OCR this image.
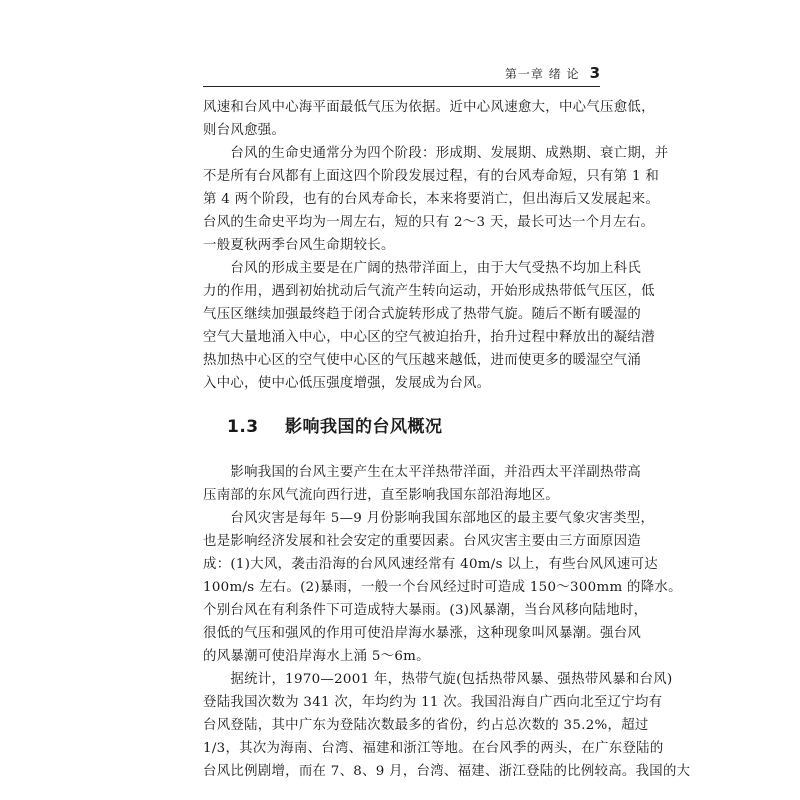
第一章 绪 论 3
风速和台风中心海平面最低气压为依据。近中心风速愈大，中心气压愈低，
则台风愈强。
　　台风的生命史通常分为四个阶段：形成期、发展期、成熟期、衰亡期，并
不是所有台风都有上面这四个阶段发展过程，有的台风寿命短，只有第 1 和
第 4 两个阶段，也有的台风寿命长，本来将要消亡，但出海后又发展起来。
台风的生命史平均为一周左右，短的只有 2～3 天，最长可达一个月左右。
一般夏秋两季台风生命期较长。
　　台风的形成主要是在广阔的热带洋面上，由于大气受热不均加上科氏
力的作用，遇到初始扰动后气流产生转向运动，开始形成热带低气压区，低
气压区继续加强最终趋于闭合式旋转形成了热带气旋。随后不断有暖湿的
空气大量地涌入中心，中心区的空气被迫抬升，抬升过程中释放出的凝结潜
热加热中心区的空气使中心区的气压越来越低，进而使更多的暖湿空气涌
入中心，使中心低压强度增强，发展成为台风。
1.3 影响我国的台风概况
　　影响我国的台风主要产生在太平洋热带洋面，并沿西太平洋副热带高
压南部的东风气流向西行进，直至影响我国东部沿海地区。
　　台风灾害是每年 5—9 月份影响我国东部地区的最主要气象灾害类型，
也是影响经济发展和社会安定的重要因素。台风灾害主要由三方面原因造
成：(1)大风，袭击沿海的台风风速经常有 40m/s 以上，有些台风风速可达
100m/s 左右。(2)暴雨，一般一个台风经过时可造成 150～300mm 的降水。
个别台风在有利条件下可造成特大暴雨。(3)风暴潮，当台风移向陆地时，
很低的气压和强风的作用可使沿岸海水暴涨，这种现象叫风暴潮。强台风
的风暴潮可使沿岸海水上涌 5～6m。
　　据统计，1970—2001 年，热带气旋(包括热带风暴、强热带风暴和台风)
登陆我国次数为 341 次，年均约为 11 次。我国沿海自广西向北至辽宁均有
台风登陆，其中广东为登陆次数最多的省份，约占总次数的 35.2%，超过
1/3，其次为海南、台湾、福建和浙江等地。在台风季的两头，在广东登陆的
台风比例剧增，而在 7、8、9 月，台湾、福建、浙江登陆的比例较高。我国的大
